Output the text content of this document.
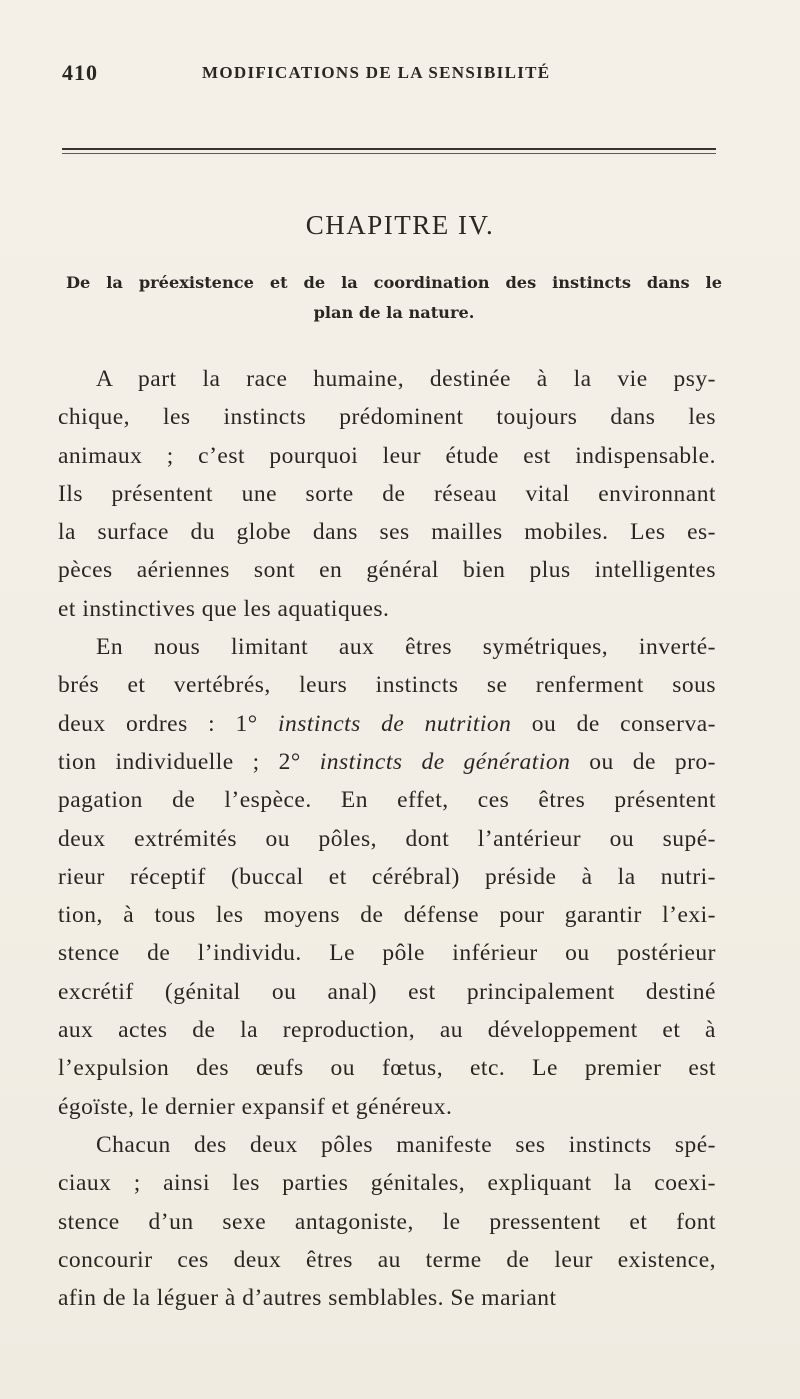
410	MODIFICATIONS DE LA SENSIBILITÉ
CHAPITRE IV.
De la préexistence et de la coordination des instincts dans le
plan de la nature.
A part la race humaine, destinée à la vie psy-
chique, les instincts prédominent toujours dans les
animaux ; c’est pourquoi leur étude est indispensable.
Ils présentent une sorte de réseau vital environnant
la surface du globe dans ses mailles mobiles. Les es-
pèces aériennes sont en général bien plus intelligentes
et instinctives que les aquatiques.
En nous limitant aux êtres symétriques, inverté-
brés et vertébrés, leurs instincts se renferment sous
deux ordres : 1° instincts de nutrition ou de conserva-
tion individuelle ; 2° instincts de génération ou de pro-
pagation de l’espèce. En effet, ces êtres présentent
deux extrémités ou pôles, dont l’antérieur ou supé-
rieur réceptif (buccal et cérébral) préside à la nutri-
tion, à tous les moyens de défense pour garantir l’exi-
stence de l’individu. Le pôle inférieur ou postérieur
excrétif (génital ou anal) est principalement destiné
aux actes de la reproduction, au développement et à
l’expulsion des œufs ou fœtus, etc. Le premier est
égoïste, le dernier expansif et généreux.
Chacun des deux pôles manifeste ses instincts spé-
ciaux ; ainsi les parties génitales, expliquant la coexi-
stence d’un sexe antagoniste, le pressentent et font
concourir ces deux êtres au terme de leur existence,
afin de la léguer à d’autres semblables. Se mariant
